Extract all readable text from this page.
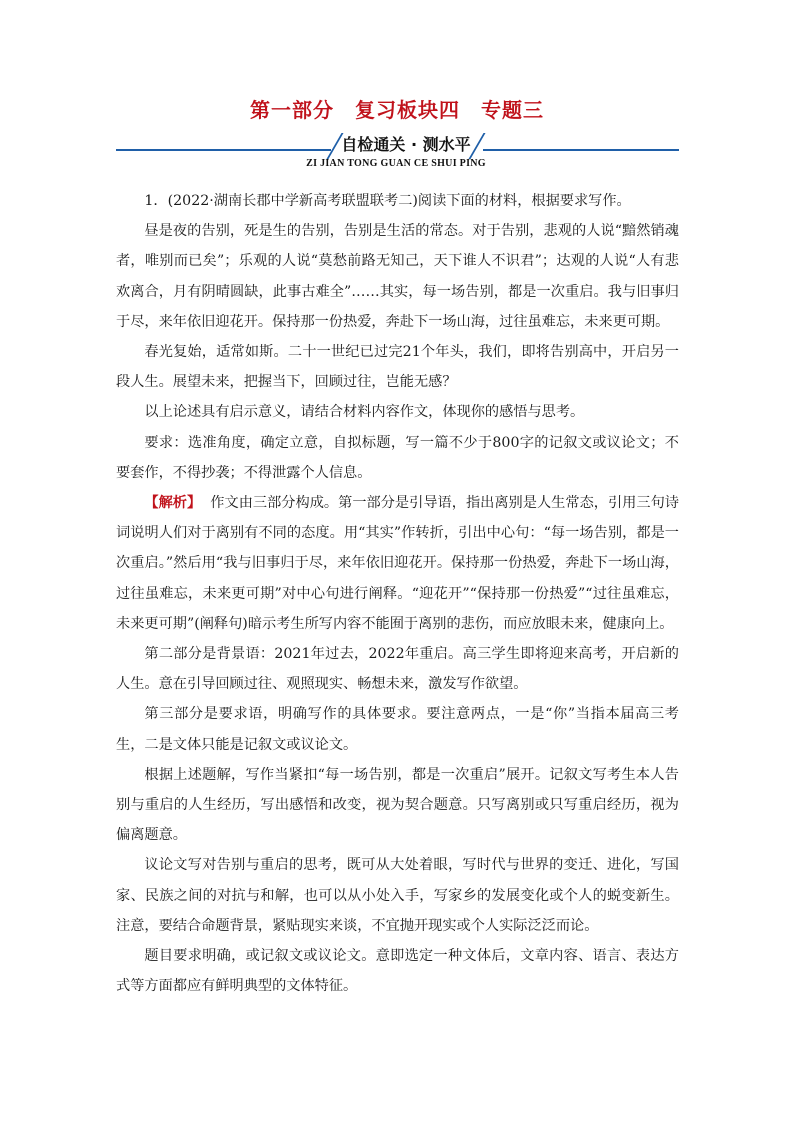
第一部分　复习板块四　专题三
自检通关 · 测水平
ZI JIAN TONG GUAN CE SHUI PING

1．(2022·湖南长郡中学新高考联盟联考二)阅读下面的材料，根据要求写作。

昼是夜的告别，死是生的告别，告别是生活的常态。对于告别，悲观的人说“黯然销魂者，唯别而已矣”；乐观的人说“莫愁前路无知己，天下谁人不识君”；达观的人说“人有悲欢离合，月有阴晴圆缺，此事古难全”……其实，每一场告别，都是一次重启。我与旧事归于尽，来年依旧迎花开。保持那一份热爱，奔赴下一场山海，过往虽难忘，未来更可期。

春光复始，适常如斯。二十一世纪已过完21个年头，我们，即将告别高中，开启另一段人生。展望未来，把握当下，回顾过往，岂能无感？

以上论述具有启示意义，请结合材料内容作文，体现你的感悟与思考。

要求：选准角度，确定立意，自拟标题，写一篇不少于800字的记叙文或议论文；不要套作，不得抄袭；不得泄露个人信息。

【解析】 作文由三部分构成。第一部分是引导语，指出离别是人生常态，引用三句诗词说明人们对于离别有不同的态度。用“其实”作转折，引出中心句：“每一场告别，都是一次重启。”然后用“我与旧事归于尽，来年依旧迎花开。保持那一份热爱，奔赴下一场山海，过往虽难忘，未来更可期”对中心句进行阐释。“迎花开”“保持那一份热爱”“过往虽难忘，未来更可期”(阐释句)暗示考生所写内容不能囿于离别的悲伤，而应放眼未来，健康向上。

第二部分是背景语：2021年过去，2022年重启。高三学生即将迎来高考，开启新的人生。意在引导回顾过往、观照现实、畅想未来，激发写作欲望。

第三部分是要求语，明确写作的具体要求。要注意两点，一是“你”当指本届高三考生，二是文体只能是记叙文或议论文。

根据上述题解，写作当紧扣“每一场告别，都是一次重启”展开。记叙文写考生本人告别与重启的人生经历，写出感悟和改变，视为契合题意。只写离别或只写重启经历，视为偏离题意。

议论文写对告别与重启的思考，既可从大处着眼，写时代与世界的变迁、进化，写国家、民族之间的对抗与和解，也可以从小处入手，写家乡的发展变化或个人的蜕变新生。注意，要结合命题背景，紧贴现实来谈，不宜抛开现实或个人实际泛泛而论。

题目要求明确，或记叙文或议论文。意即选定一种文体后，文章内容、语言、表达方式等方面都应有鲜明典型的文体特征。
